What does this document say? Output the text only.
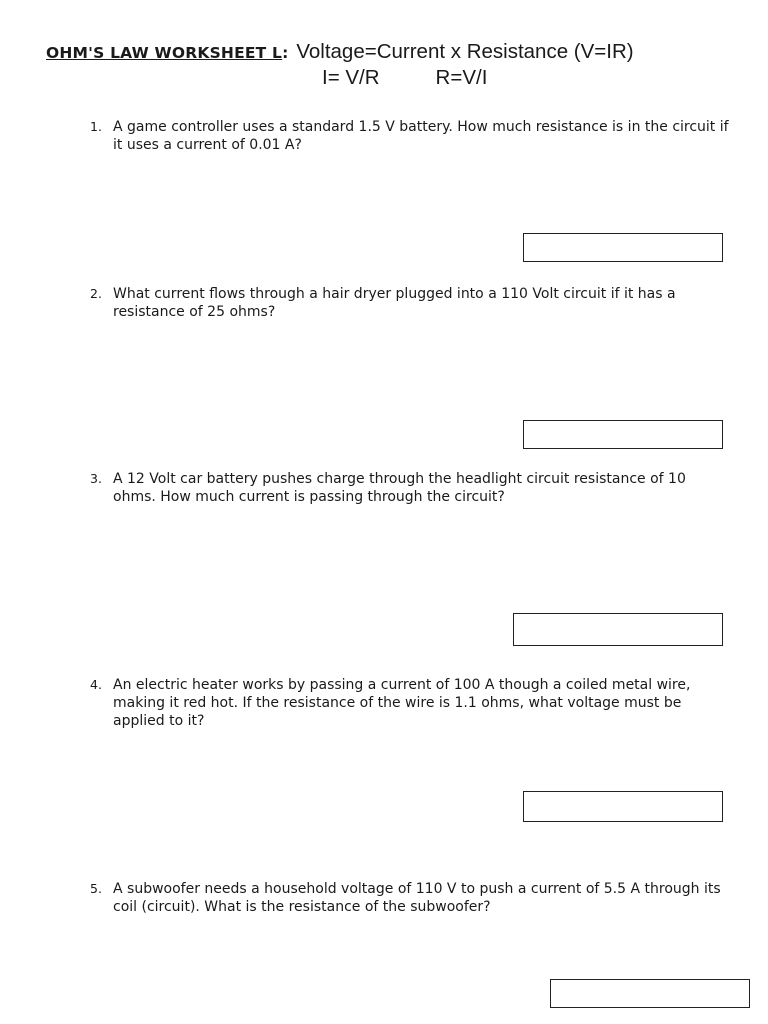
OHM'S LAW WORKSHEET L: Voltage=Current x Resistance (V=IR)
I= V/R	R=V/I
1. A game controller uses a standard 1.5 V battery. How much resistance is in the circuit if it uses a current of 0.01 A?
2. What current flows through a hair dryer plugged into a 110 Volt circuit if it has a resistance of 25 ohms?
3. A 12 Volt car battery pushes charge through the headlight circuit resistance of 10 ohms. How much current is passing through the circuit?
4. An electric heater works by passing a current of 100 A though a coiled metal wire, making it red hot. If the resistance of the wire is 1.1 ohms, what voltage must be applied to it?
5. A subwoofer needs a household voltage of 110 V to push a current of 5.5 A through its coil (circuit). What is the resistance of the subwoofer?
